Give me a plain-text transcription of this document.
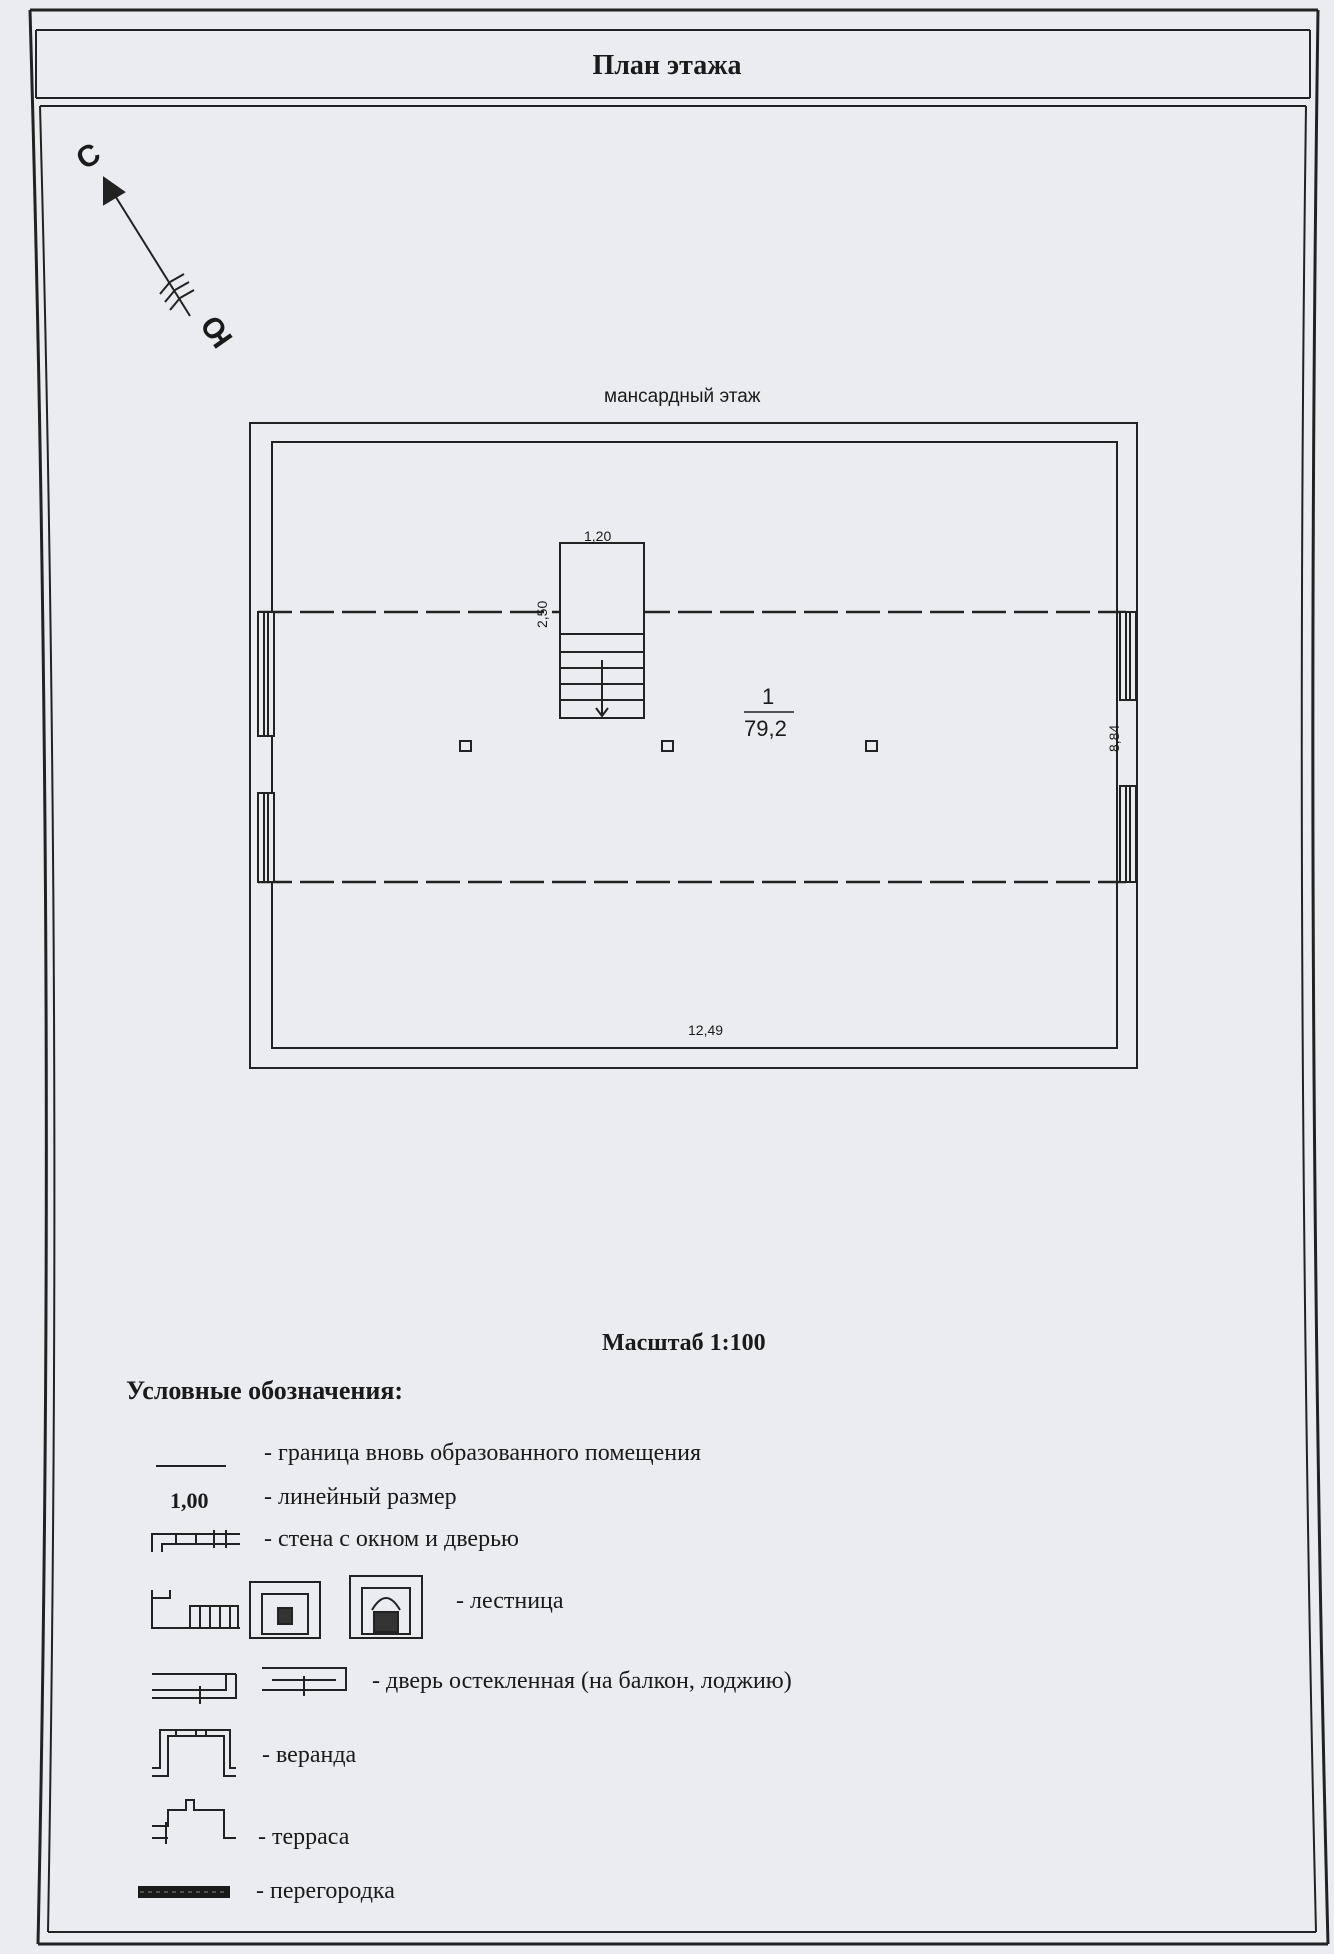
План этажа
С
Ю
мансардный этаж
1,20
2,50
1
79,2	8,84
12,49
Масштаб 1:100
Условные обозначения:
1,00
- граница вновь образованного помещения
- линейный размер
- стена с окном и дверью
- лестница
- дверь остекленная (на балкон, лоджию)
- веранда
- терраса
- перегородка
